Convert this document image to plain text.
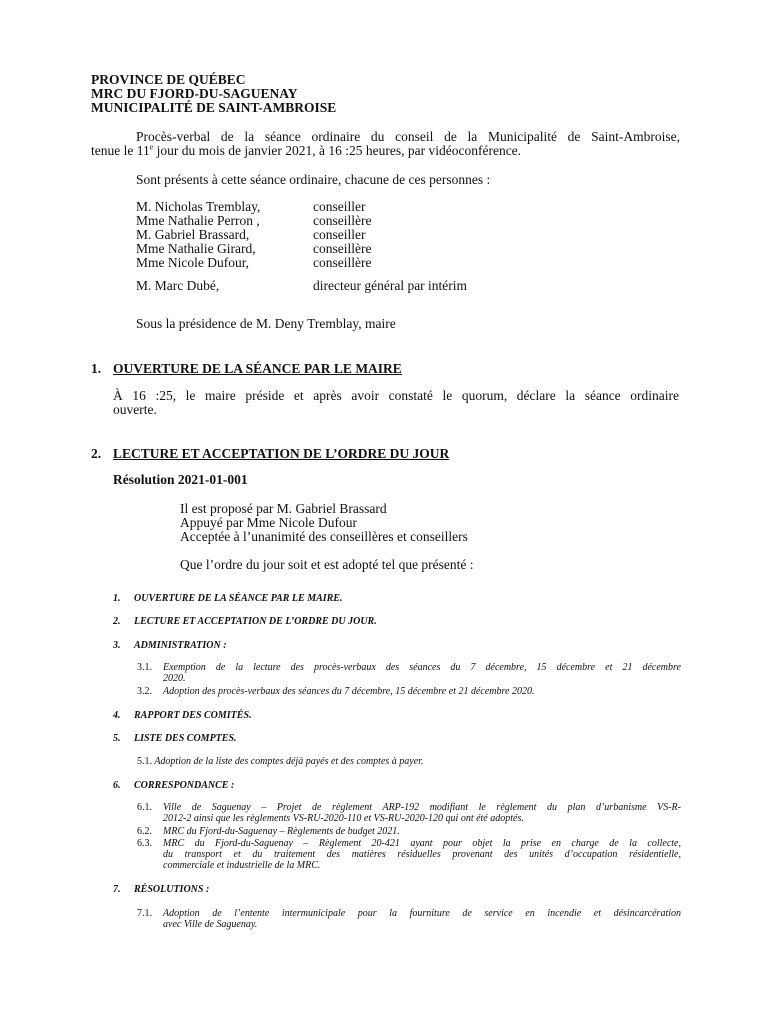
PROVINCE DE QUÉBEC
MRC DU FJORD-DU-SAGUENAY
MUNICIPALITÉ DE SAINT-AMBROISE
Procès-verbal de la séance ordinaire du conseil de la Municipalité de Saint-Ambroise,
tenue le 11e jour du mois de janvier 2021, à 16 :25 heures, par vidéoconférence.
Sont présents à cette séance ordinaire, chacune de ces personnes :
M. Nicholas Tremblay,	conseiller
Mme Nathalie Perron ,	conseillère
M. Gabriel Brassard,	conseiller
Mme Nathalie Girard,	conseillère
Mme Nicole Dufour,	conseillère
M. Marc Dubé,	directeur général par intérim
Sous la présidence de M. Deny Tremblay, maire
1. OUVERTURE DE LA SÉANCE PAR LE MAIRE
À 16 :25, le maire préside et après avoir constaté le quorum, déclare la séance ordinaire
ouverte.
2. LECTURE ET ACCEPTATION DE L’ORDRE DU JOUR
Résolution 2021-01-001
Il est proposé par M. Gabriel Brassard
Appuyé par Mme Nicole Dufour
Acceptée à l’unanimité des conseillères et conseillers
Que l’ordre du jour soit et est adopté tel que présenté :
1. OUVERTURE DE LA SÉANCE PAR LE MAIRE.
2. LECTURE ET ACCEPTATION DE L’ORDRE DU JOUR.
3. ADMINISTRATION :
3.1. Exemption de la lecture des procès-verbaux des séances du 7 décembre, 15 décembre et 21 décembre
2020.
3.2. Adoption des procès-verbaux des séances du 7 décembre, 15 décembre et 21 décembre 2020.
4. RAPPORT DES COMITÉS.
5. LISTE DES COMPTES.
5.1. Adoption de la liste des comptes déjà payés et des comptes à payer.
6. CORRESPONDANCE :
6.1. Ville de Saguenay – Projet de règlement ARP-192 modifiant le règlement du plan d’urbanisme VS-R-
2012-2 ainsi que les règlements VS-RU-2020-110 et VS-RU-2020-120 qui ont été adoptés.
6.2. MRC du Fjord-du-Saguenay – Règlements de budget 2021.
6.3. MRC du Fjord-du-Saguenay – Règlement 20-421 ayant pour objet la prise en charge de la collecte,
du transport et du traitement des matières résiduelles provenant des unités d’occupation résidentielle,
commerciale et industrielle de la MRC.
7. RÉSOLUTIONS :
7.1. Adoption de l’entente intermunicipale pour la fourniture de service en incendie et désincarcération
avec Ville de Saguenay.
